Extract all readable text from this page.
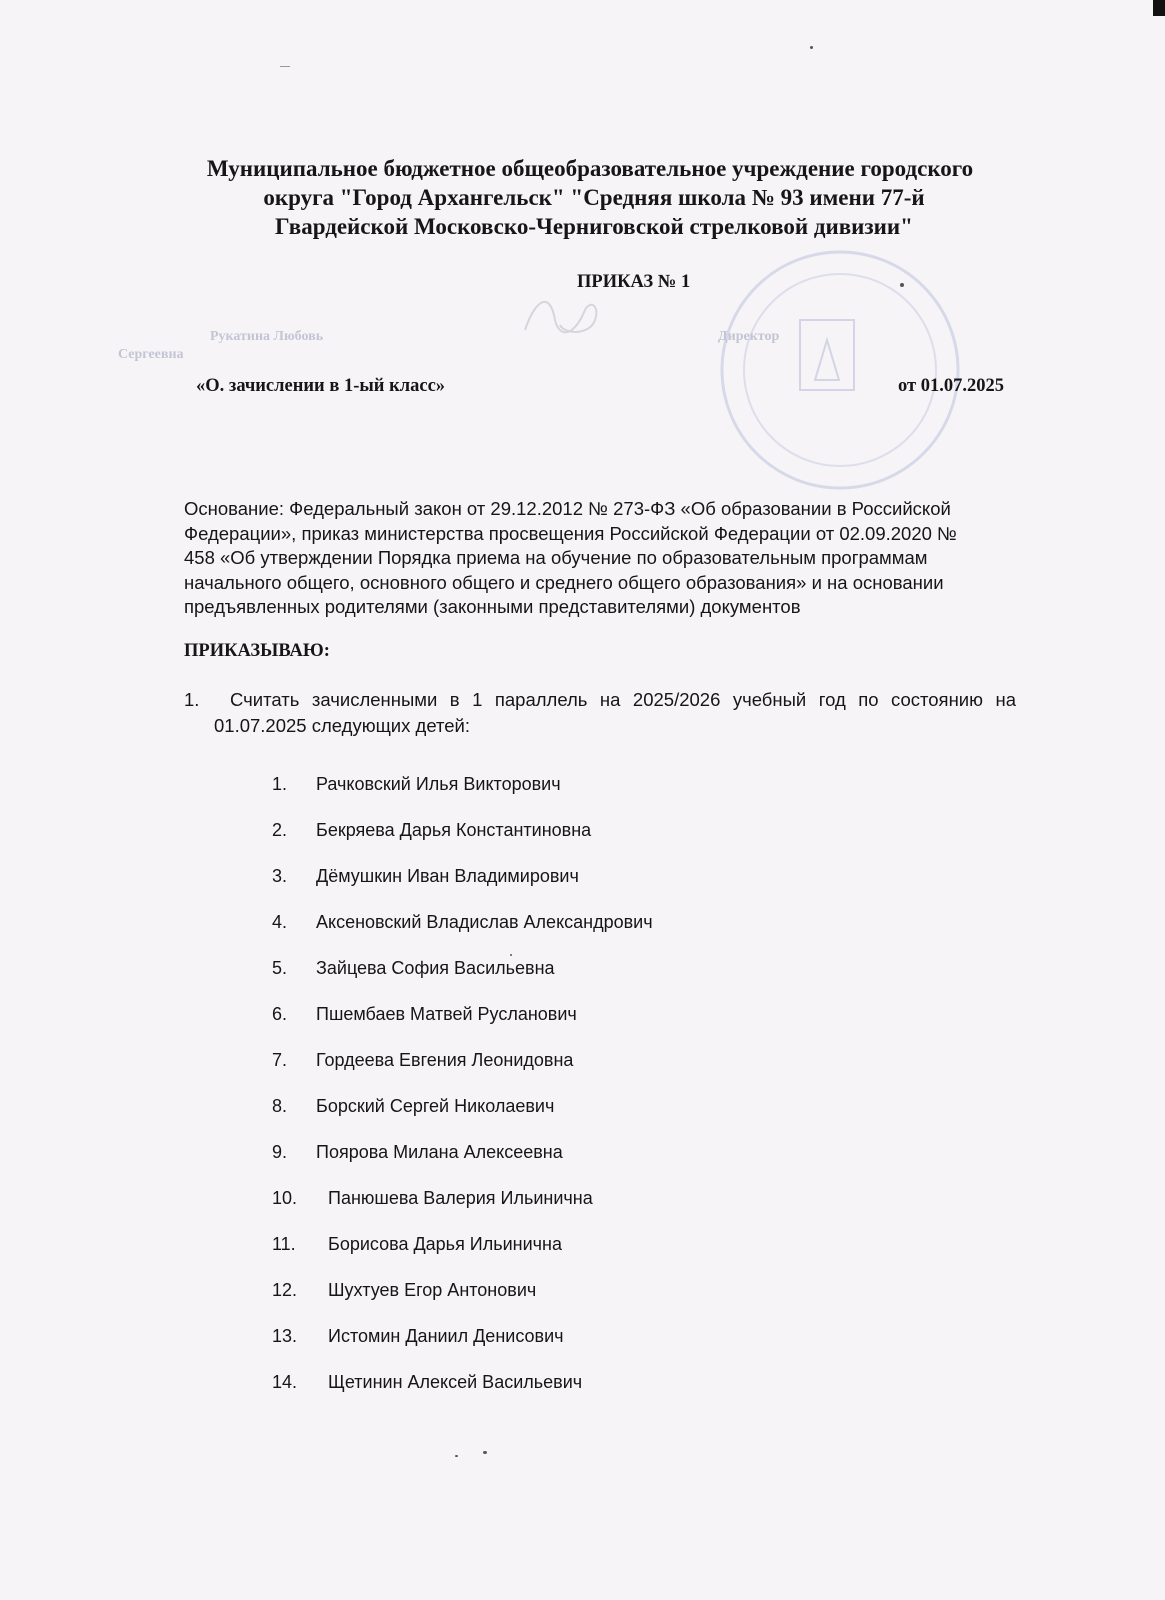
Рукатина Любовь
Сергеевна
Директор
Муниципальное бюджетное общеобразовательное учреждение городского
округа "Город Архангельск" "Средняя школа № 93 имени 77-й
Гвардейской Московско-Черниговской стрелковой дивизии"
ПРИКАЗ № 1
«О. зачислении в 1-ый класс»	от 01.07.2025
Основание: Федеральный закон от 29.12.2012 № 273-ФЗ «Об образовании в Российской
Федерации», приказ министерства просвещения Российской Федерации от 02.09.2020 №
458 «Об утверждении Порядка приема на обучение по образовательным программам
начального общего, основного общего и среднего общего образования» и на основании
предъявленных родителями (законными представителями) документов
ПРИКАЗЫВАЮ:
1. Считать зачисленными в 1 параллель на 2025/2026 учебный год по состоянию на
01.07.2025 следующих детей:
1. Рачковский Илья Викторович
2. Бекряева Дарья Константиновна
3. Дёмушкин Иван Владимирович
4. Аксеновский Владислав Александрович
5. Зайцева София Васильевна
6. Пшембаев Матвей Русланович
7. Гордеева Евгения Леонидовна
8. Борский Сергей Николаевич
9. Поярова Милана Алексеевна
10. Панюшева Валерия Ильинична
11. Борисова Дарья Ильинична
12. Шухтуев Егор Антонович
13. Истомин Даниил Денисович
14. Щетинин Алексей Васильевич
